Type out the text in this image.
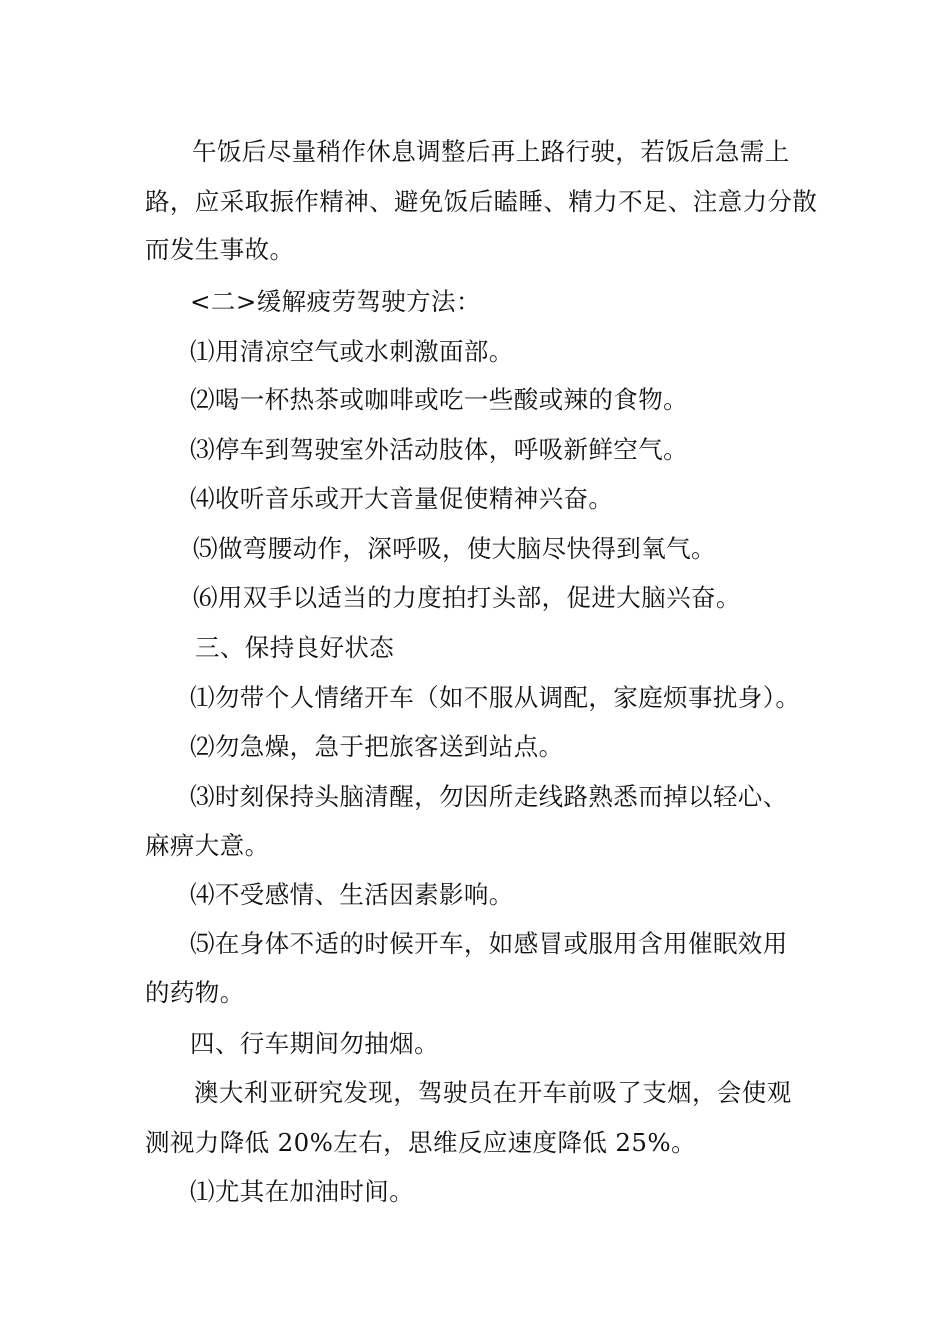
午饭后尽量稍作休息调整后再上路行驶，若饭后急需上
路，应采取振作精神、避免饭后瞌睡、精力不足、注意力分散
而发生事故。
<二>缓解疲劳驾驶方法：
⑴用清凉空气或水刺激面部。
⑵喝一杯热茶或咖啡或吃一些酸或辣的食物。
⑶停车到驾驶室外活动肢体，呼吸新鲜空气。
⑷收听音乐或开大音量促使精神兴奋。
⑸做弯腰动作，深呼吸，使大脑尽快得到氧气。
⑹用双手以适当的力度拍打头部，促进大脑兴奋。
三、保持良好状态
⑴勿带个人情绪开车（如不服从调配，家庭烦事扰身）。
⑵勿急燥，急于把旅客送到站点。
⑶时刻保持头脑清醒，勿因所走线路熟悉而掉以轻心、
麻痹大意。
⑷不受感情、生活因素影响。
⑸在身体不适的时候开车，如感冒或服用含用催眠效用
的药物。
四、行车期间勿抽烟。
澳大利亚研究发现，驾驶员在开车前吸了支烟，会使观
测视力降低 20%左右，思维反应速度降低 25%。
⑴尤其在加油时间。
